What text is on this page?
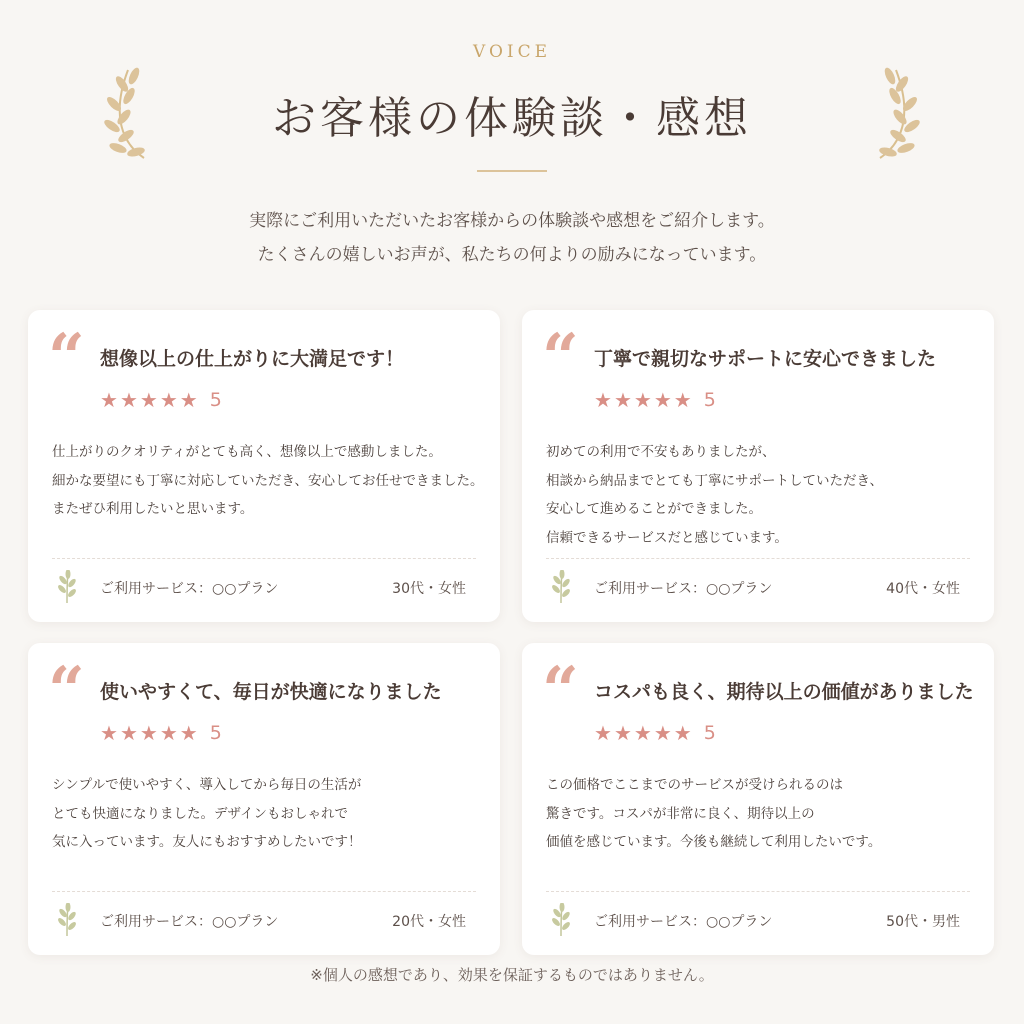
VOICE
お客様の体験談・感想

実際にご利用いただいたお客様からの体験談や感想をご紹介します。

たくさんの嬉しいお声が、私たちの何よりの励みになっています。

“ 想像以上の仕上がりに大満足です！
★ ★ ★ ★ ★ 5

仕上がりのクオリティがとても高く、想像以上で感動しました。

細かな要望にも丁寧に対応していただき、安心してお任せできました。

またぜひ利用したいと思います。

ご利用サービス：○○プラン	30代・女性
“ 丁寧で親切なサポートに安心できました
★ ★ ★ ★ ★ 5

初めての利用で不安もありましたが、

相談から納品までとても丁寧にサポートしていただき、

安心して進めることができました。

信頼できるサービスだと感じています。

ご利用サービス：○○プラン	40代・女性
“ 使いやすくて、毎日が快適になりました
★ ★ ★ ★ ★ 5

シンプルで使いやすく、導入してから毎日の生活が

とても快適になりました。デザインもおしゃれで

気に入っています。友人にもおすすめしたいです！

ご利用サービス：○○プラン	20代・女性
“ コスパも良く、期待以上の価値がありました
★ ★ ★ ★ ★ 5

この価格でここまでのサービスが受けられるのは

驚きです。コスパが非常に良く、期待以上の

価値を感じています。今後も継続して利用したいです。

ご利用サービス：○○プラン	50代・男性
※個人の感想であり、効果を保証するものではありません。
